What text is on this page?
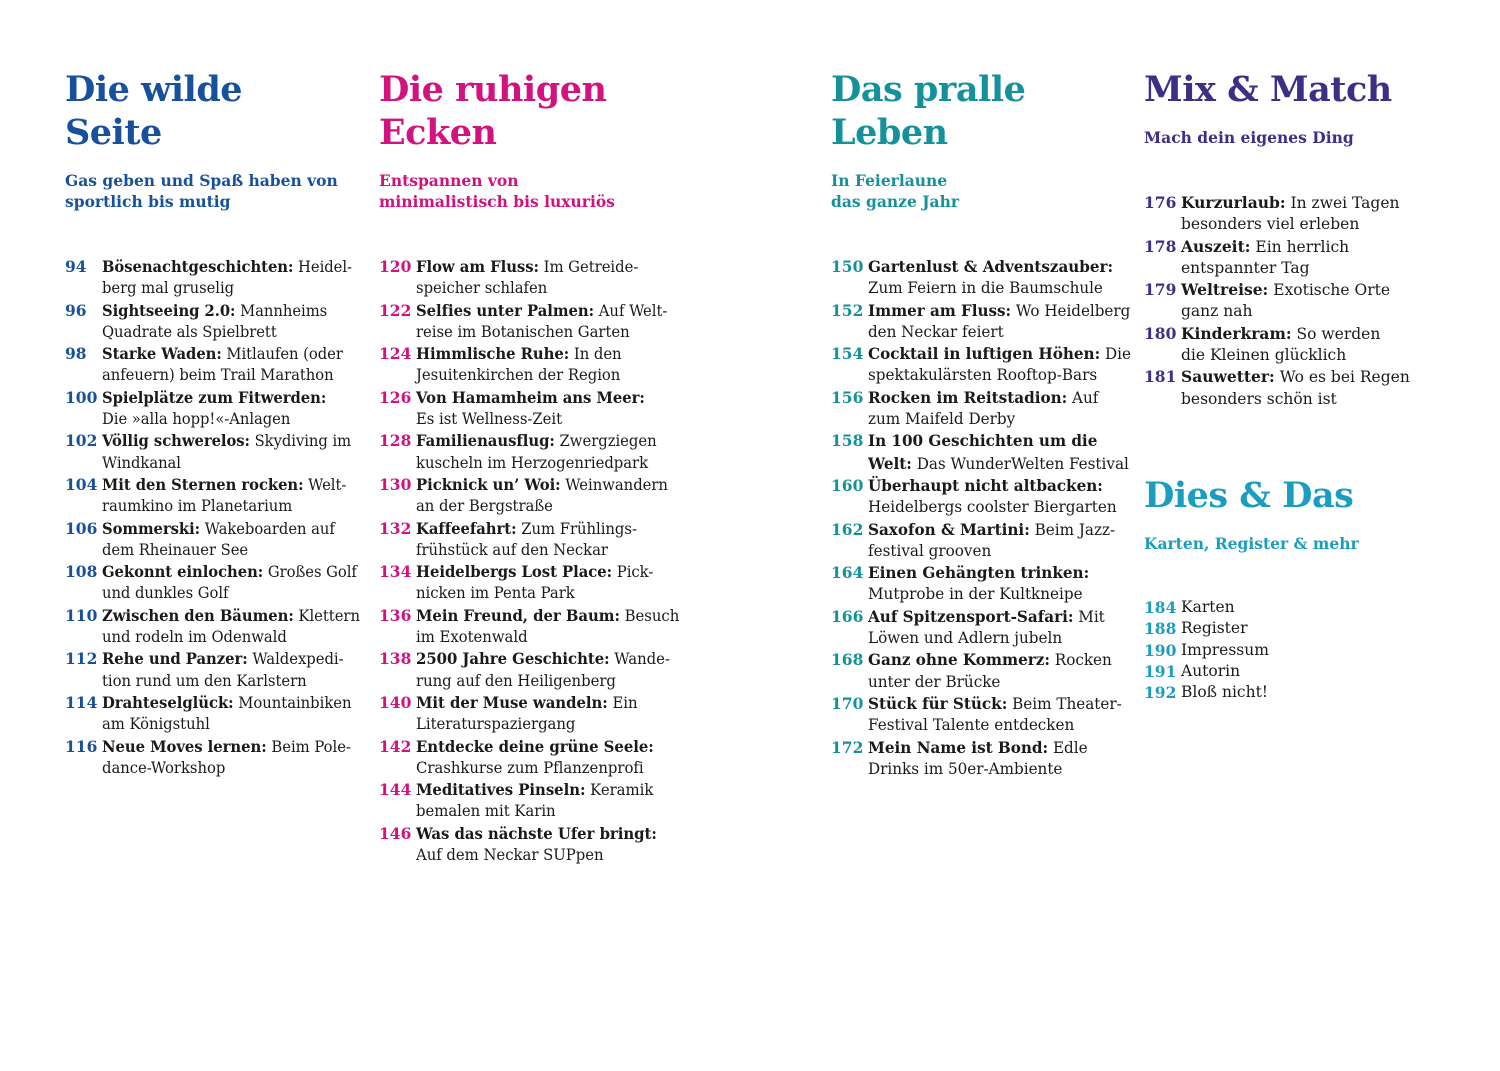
Die wilde
Seite

Gas geben und Spaß haben von
sportlich bis mutig

94 Bösenachtgeschichten: Heidel-
berg mal gruselig
96 Sightseeing 2.0: Mannheims
Quadrate als Spielbrett
98 Starke Waden: Mitlaufen (oder
anfeuern) beim Trail Marathon
100 Spielplätze zum Fitwerden:
Die »alla hopp!«-Anlagen
102 Völlig schwerelos: Skydiving im
Windkanal
104 Mit den Sternen rocken: Welt-
raumkino im Planetarium
106 Sommerski: Wakeboarden auf
dem Rheinauer See
108 Gekonnt einlochen: Großes Golf
und dunkles Golf
110 Zwischen den Bäumen: Klettern
und rodeln im Odenwald
112 Rehe und Panzer: Waldexpedi-
tion rund um den Karlstern
114 Drahteselglück: Mountainbiken
am Königstuhl
116 Neue Moves lernen: Beim Pole-
dance-Workshop
Die ruhigen
Ecken

Entspannen von
minimalistisch bis luxuriös

120 Flow am Fluss: Im Getreide-
speicher schlafen
122 Selfies unter Palmen: Auf Welt-
reise im Botanischen Garten
124 Himmlische Ruhe: In den
Jesuitenkirchen der Region
126 Von Hamamheim ans Meer:
Es ist Wellness-Zeit
128 Familienausflug: Zwergziegen
kuscheln im Herzogenriedpark
130 Picknick un’ Woi: Weinwandern
an der Bergstraße
132 Kaffeefahrt: Zum Frühlings-
frühstück auf den Neckar
134 Heidelbergs Lost Place: Pick-
nicken im Penta Park
136 Mein Freund, der Baum: Besuch
im Exotenwald
138 2500 Jahre Geschichte: Wande-
rung auf den Heiligenberg
140 Mit der Muse wandeln: Ein
Literaturspaziergang
142 Entdecke deine grüne Seele:
Crashkurse zum Pflanzenprofi
144 Meditatives Pinseln: Keramik
bemalen mit Karin
146 Was das nächste Ufer bringt:
Auf dem Neckar SUPpen
Das pralle
Leben

In Feierlaune
das ganze Jahr

150 Gartenlust & Adventszauber:
Zum Feiern in die Baumschule
152 Immer am Fluss: Wo Heidelberg
den Neckar feiert
154 Cocktail in luftigen Höhen: Die
spektakulärsten Rooftop-Bars
156 Rocken im Reitstadion: Auf
zum Maifeld Derby
158 In 100 Geschichten um die
Welt: Das WunderWelten Festival
160 Überhaupt nicht altbacken:
Heidelbergs coolster Biergarten
162 Saxofon & Martini: Beim Jazz-
festival grooven
164 Einen Gehängten trinken:
Mutprobe in der Kultkneipe
166 Auf Spitzensport-Safari: Mit
Löwen und Adlern jubeln
168 Ganz ohne Kommerz: Rocken
unter der Brücke
170 Stück für Stück: Beim Theater-
Festival Talente entdecken
172 Mein Name ist Bond: Edle
Drinks im 50er-Ambiente
Mix & Match

Mach dein eigenes Ding

176 Kurzurlaub: In zwei Tagen
besonders viel erleben
178 Auszeit: Ein herrlich
entspannter Tag
179 Weltreise: Exotische Orte
ganz nah
180 Kinderkram: So werden
die Kleinen glücklich
181 Sauwetter: Wo es bei Regen
besonders schön ist
Dies & Das

Karten, Register & mehr

184 Karten
188 Register
190 Impressum
191 Autorin
192 Bloß nicht!
